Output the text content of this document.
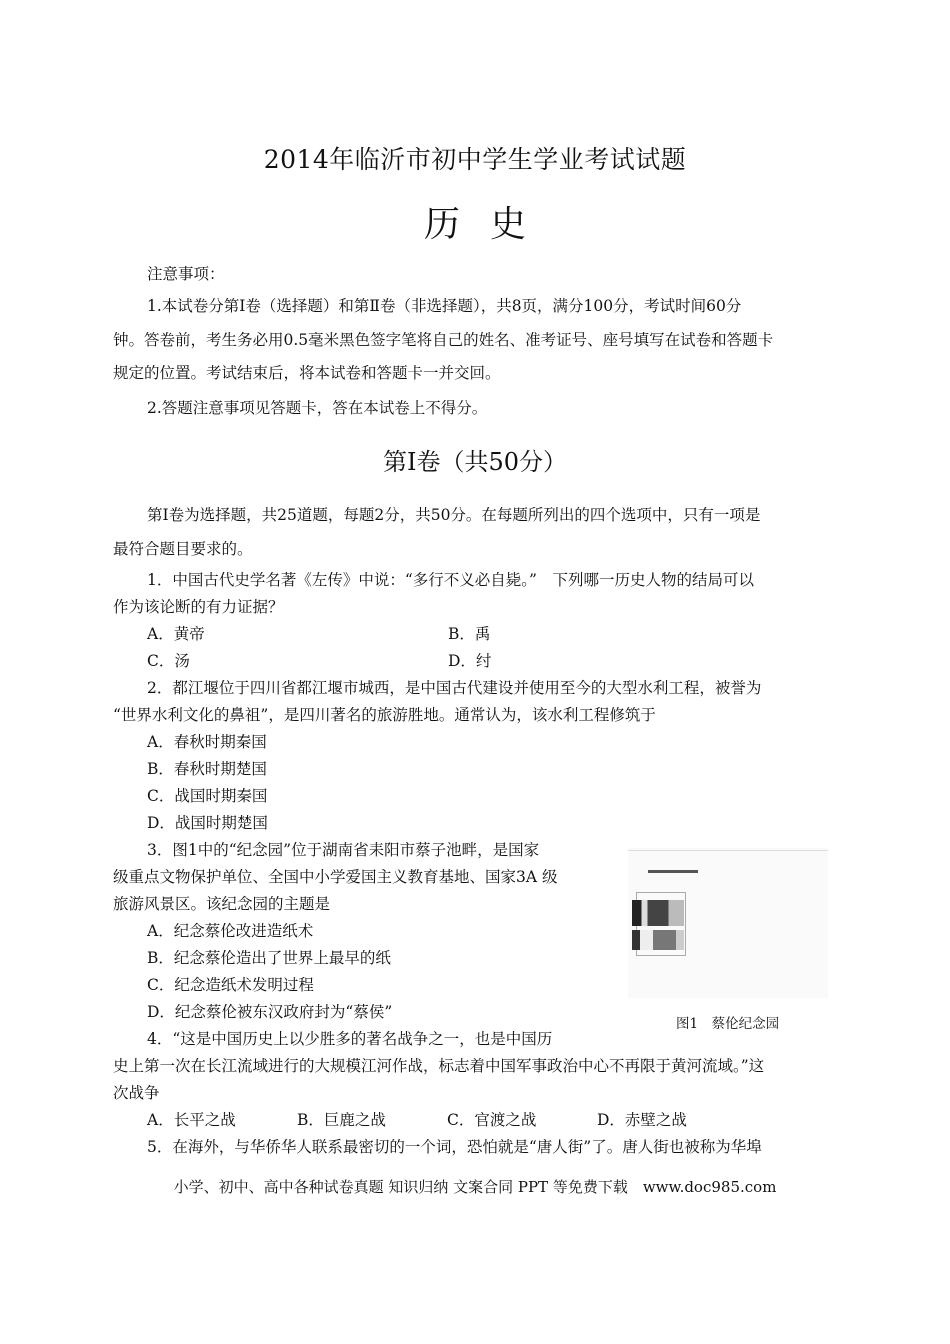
2014年临沂市初中学生学业考试试题
历史
注意事项：
1.本试卷分第Ⅰ卷（选择题）和第Ⅱ卷（非选择题），共8页，满分100分，考试时间60分
钟。答卷前，考生务必用0.5毫米黑色签字笔将自己的姓名、准考证号、座号填写在试卷和答题卡
规定的位置。考试结束后，将本试卷和答题卡一并交回。
2.答题注意事项见答题卡，答在本试卷上不得分。
第Ⅰ卷（共50分）
第Ⅰ卷为选择题，共25道题，每题2分，共50分。在每题所列出的四个选项中，只有一项是
最符合题目要求的。
1．中国古代史学名著《左传》中说：“多行不义必自毙。”　下列哪一历史人物的结局可以
作为该论断的有力证据？
A．黄帝	B．禹
C．汤	D．纣
2．都江堰位于四川省都江堰市城西，是中国古代建设并使用至今的大型水利工程，被誉为
“世界水利文化的鼻祖”，是四川著名的旅游胜地。通常认为，该水利工程修筑于
A．春秋时期秦国
B．春秋时期楚国
C．战国时期秦国
D．战国时期楚国
3．图1中的“纪念园”位于湖南省耒阳市蔡子池畔，是国家
级重点文物保护单位、全国中小学爱国主义教育基地、国家3A 级
旅游风景区。该纪念园的主题是
A．纪念蔡伦改进造纸术
B．纪念蔡伦造出了世界上最早的纸
C．纪念造纸术发明过程
D．纪念蔡伦被东汉政府封为“蔡侯”
图1　蔡伦纪念园
4．“这是中国历史上以少胜多的著名战争之一，也是中国历
史上第一次在长江流域进行的大规模江河作战，标志着中国军事政治中心不再限于黄河流域。”这
次战争
A．长平之战	B．巨鹿之战	C．官渡之战	D．赤壁之战
5．在海外，与华侨华人联系最密切的一个词，恐怕就是“唐人街”了。唐人街也被称为华埠
小学、初中、高中各种试卷真题 知识归纳 文案合同 PPT 等免费下载　www.doc985.com
